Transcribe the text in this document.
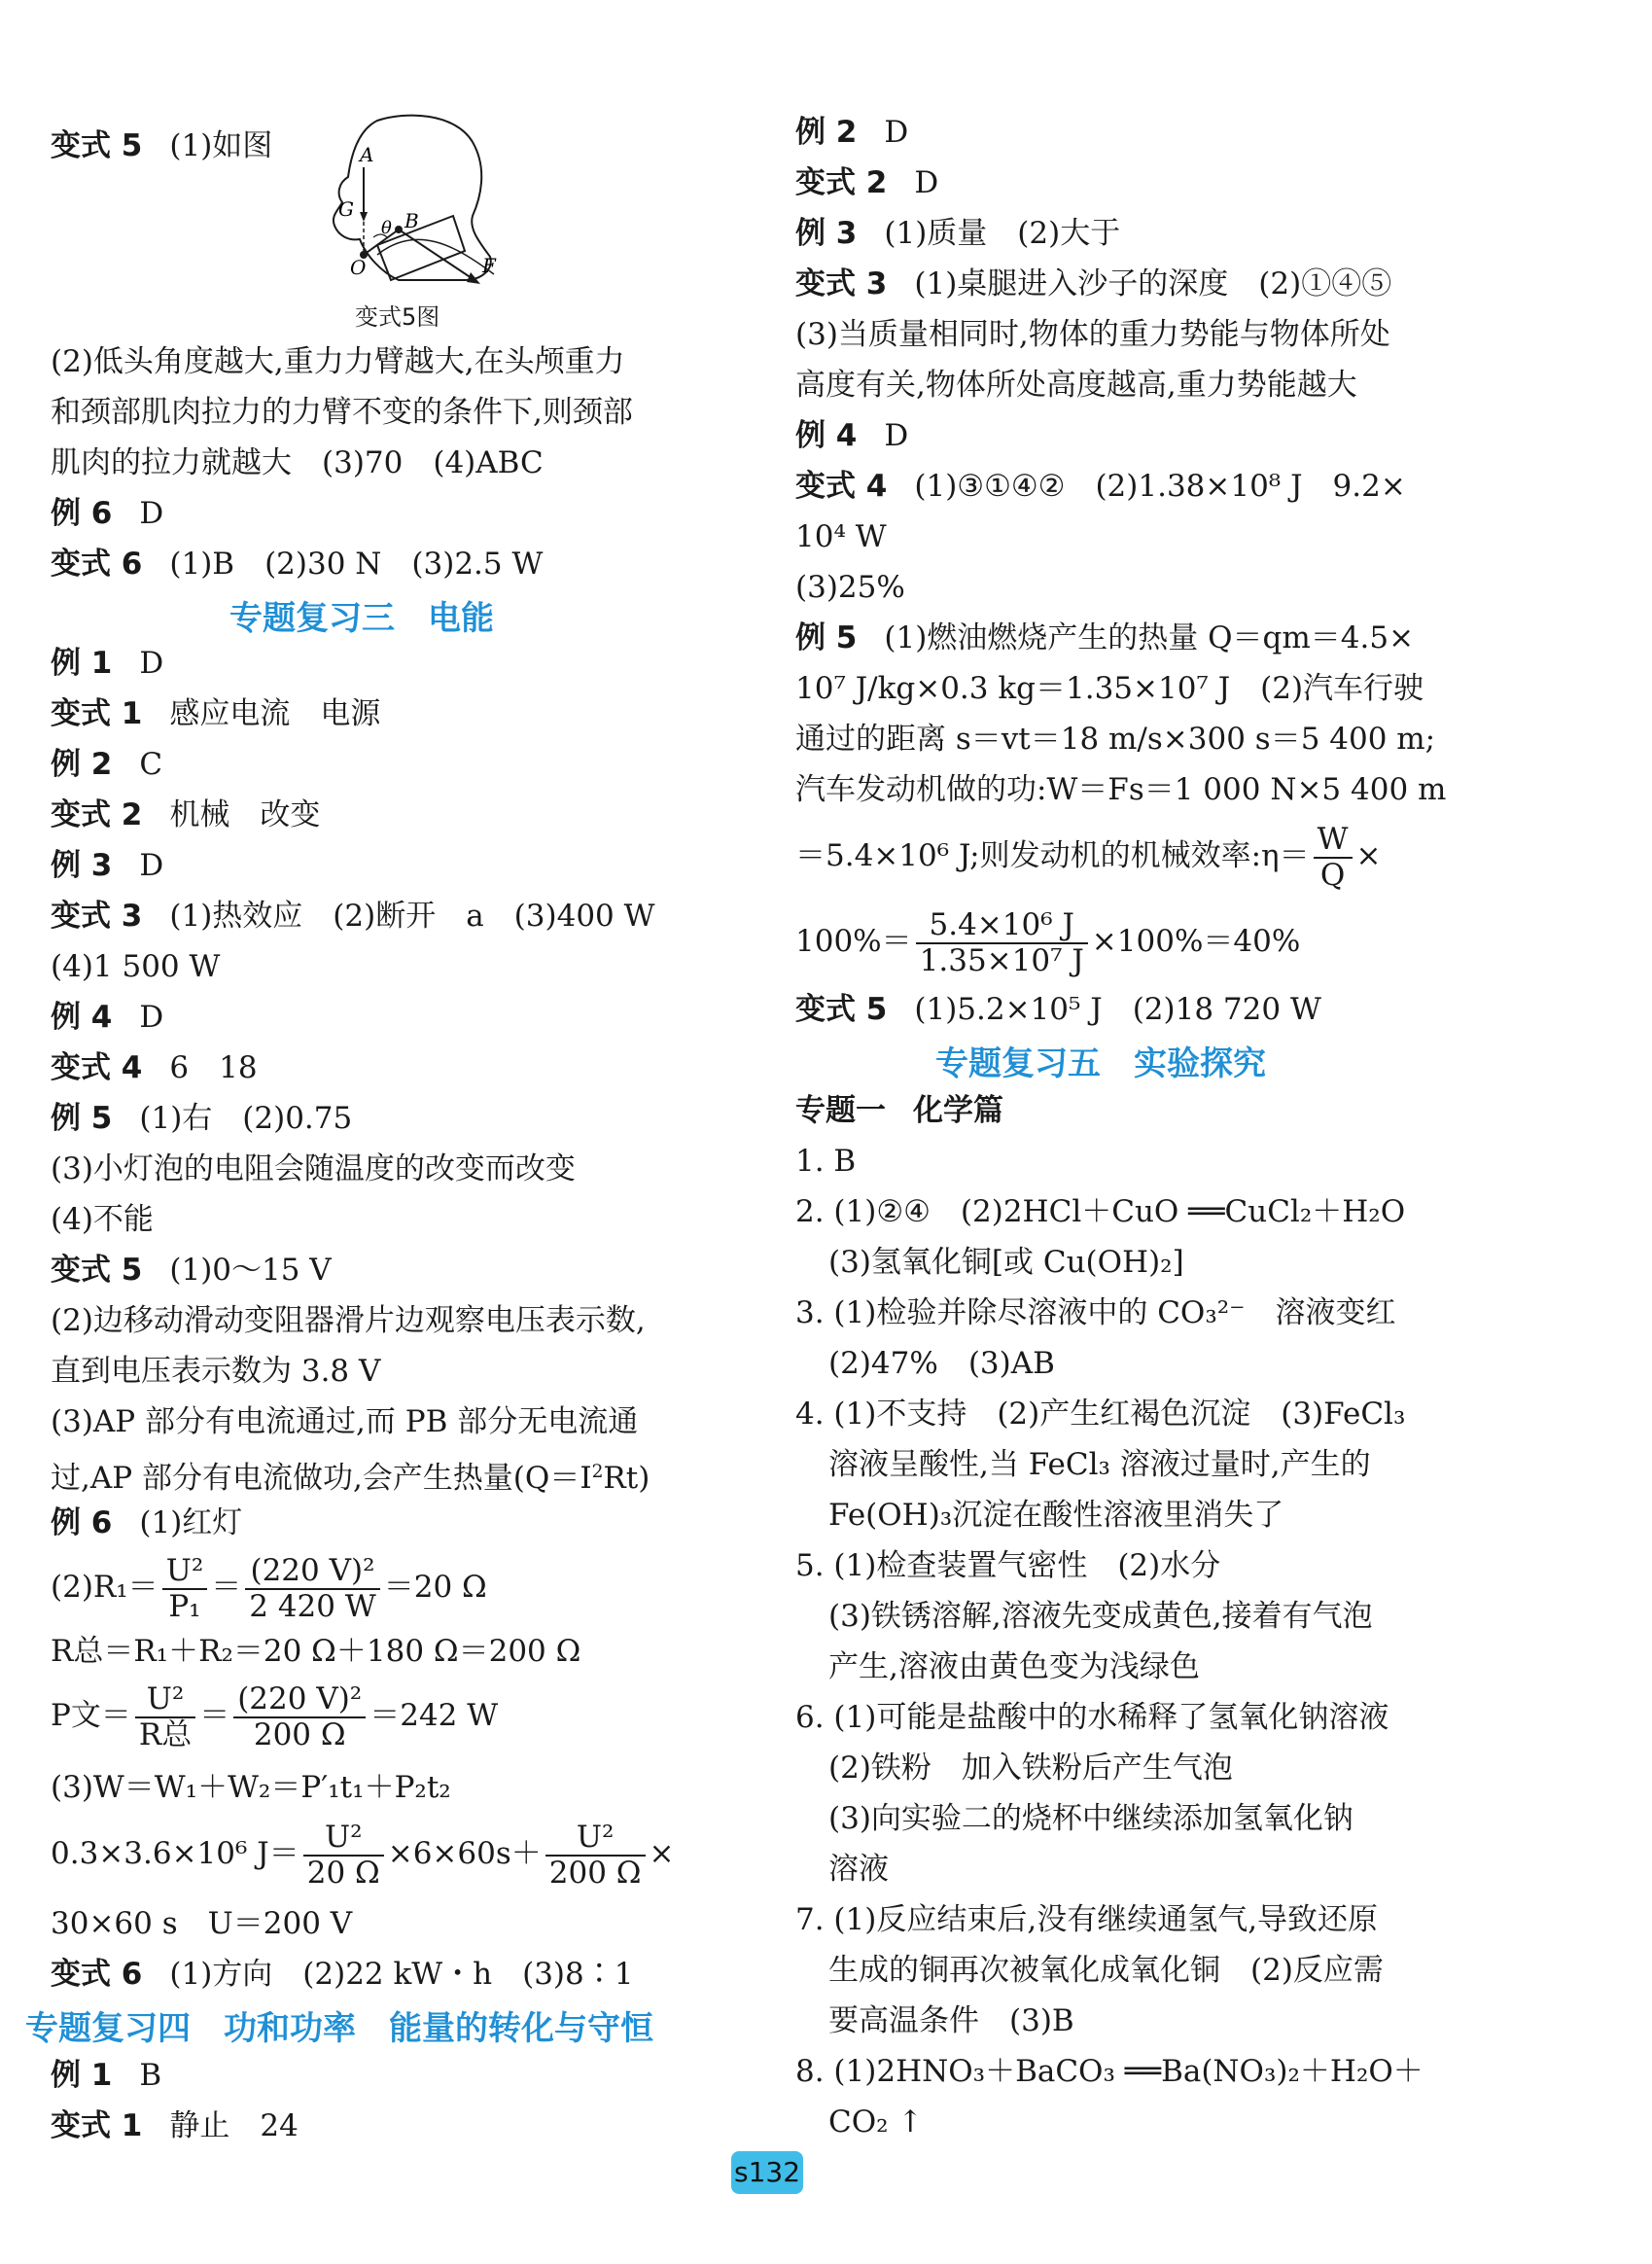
变式 5 (1)如图	A
G
θ
O
B
F
变式5图
(2)低头角度越大,重力力臂越大,在头颅重力
和颈部肌肉拉力的力臂不变的条件下,则颈部
肌肉的拉力就越大　(3)70　(4)ABC
例 6 D
变式 6 (1)B　(2)30 N　(3)2.5 W
专题复习三　电能
例 1 D
变式 1 感应电流　电源
例 2 C
变式 2 机械　改变
例 3 D
变式 3 (1)热效应　(2)断开　a　(3)400 W
(4)1 500 W
例 4 D
变式 4 6　18
例 5 (1)右　(2)0.75
(3)小灯泡的电阻会随温度的改变而改变
(4)不能
变式 5 (1)0～15 V
(2)边移动滑动变阻器滑片边观察电压表示数,
直到电压表示数为 3.8 V
(3)AP 部分有电流通过,而 PB 部分无电流通
过,AP 部分有电流做功,会产生热量$(Q=I^2Rt)$
例 6 (1)红灯
$(2)R_1= \frac{\text{U²}}{\text{P₁}} = \frac{\text{(220 V)²}}{2 420 W} =20$ Ω
R总＝R₁＋R₂＝20 Ω＋180 Ω＝200 Ω
P文＝ $\frac{\text{U²}}{\text{R总}} = \frac{\text{(220 V)²}}{200 \Omega} =242$ W
(3)W＝W₁＋W₂＝P′₁t₁＋P₂t₂
0.3×3.6×10⁶ $J= \frac{\text{U²}}{20 \Omega} \times 6\times 60s+ \frac{\text{U²}}{200 \Omega}$ ×
30×60 s　U＝200 V
变式 6 (1)方向　(2)22 kW・h　(3)8∶1
专题复习四　功和功率　能量的转化与守恒
例 1 B
变式 1 静止　24
例 2 D
变式 2 D
例 3 (1)质量　(2)大于
变式 3 (1)桌腿进入沙子的深度　(2)①④⑤
(3)当质量相同时,物体的重力势能与物体所处
高度有关,物体所处高度越高,重力势能越大
例 4 D
变式 4 (1)③①④②　(2)1.38×10⁸ J　9.2×
10⁴ W
(3)25%
例 5 (1)燃油燃烧产生的热量 Q＝qm＝4.5×
10⁷ J/kg×0.3 kg＝1.35×10⁷ J　(2)汽车行驶
通过的距离 s＝vt＝18 m/s×300 s＝5 400 m;
汽车发动机做的功:W＝Fs＝1 000 N×5 400 m
＝5.4×10⁶ J;则发动机的机械效率:η＝ $\frac{W}{Q}$ ×
$100\%= \frac{\text{5.4×10⁶ J}}{\text{1.35×10⁷ J}} \times 100\%=40\%$
变式 5 (1)5.2×10⁵ J　(2)18 720 W
专题复习五　实验探究
专题一 化学篇
1. B
2. (1)②④　(2)2HCl＋CuO ══CuCl₂＋H₂O
(3)氢氧化铜[或 Cu(OH)₂]
3. (1)检验并除尽溶液中的 CO₃²⁻　溶液变红
(2)47%　(3)AB
4. (1)不支持　(2)产生红褐色沉淀　(3)FeCl₃
溶液呈酸性,当 FeCl₃ 溶液过量时,产生的
Fe(OH)₃沉淀在酸性溶液里消失了
5. (1)检查装置气密性　(2)水分
(3)铁锈溶解,溶液先变成黄色,接着有气泡
产生,溶液由黄色变为浅绿色
6. (1)可能是盐酸中的水稀释了氢氧化钠溶液
(2)铁粉　加入铁粉后产生气泡
(3)向实验二的烧杯中继续添加氢氧化钠
溶液
7. (1)反应结束后,没有继续通氢气,导致还原
生成的铜再次被氧化成氧化铜　(2)反应需
要高温条件　(3)B
8. (1)2HNO₃＋BaCO₃ ══Ba(NO₃)₂＋H₂O＋
CO₂ ↑
s132
